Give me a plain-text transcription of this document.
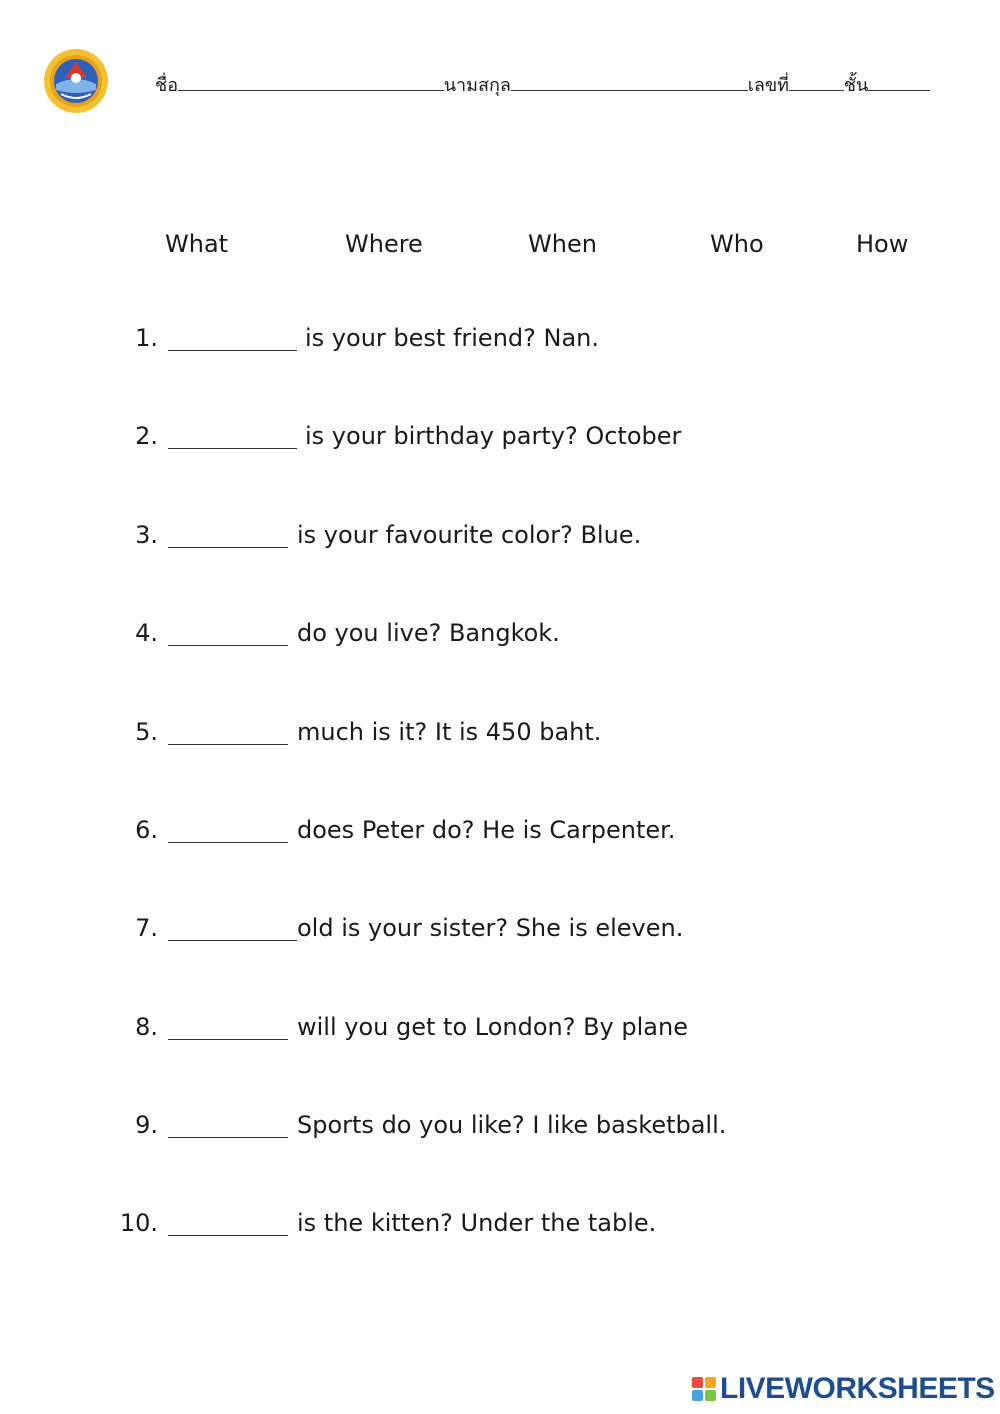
ชื่อ	นามสกุล	เลขที่	ชั้น
What	Where	When	Who	How
1.	is your best friend? Nan.
2.	is your birthday party? October
3.	is your favourite color? Blue.
4.	do you live? Bangkok.
5.	much is it? It is 450 baht.
6.	does Peter do? He is Carpenter.
7.	old is your sister? She is eleven.
8.	will you get to London? By plane
9.	Sports do you like? I like basketball.
10.	is the kitten? Under the table.
LIVEWORKSHEETS
